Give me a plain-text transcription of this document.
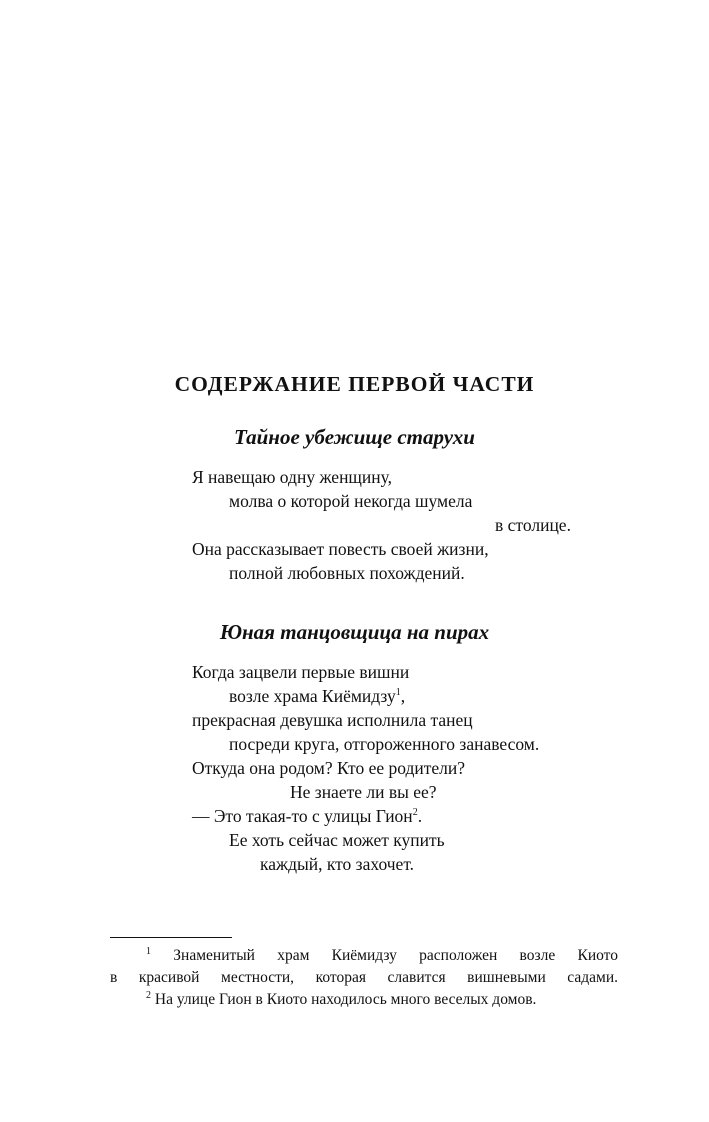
СОДЕРЖАНИЕ ПЕРВОЙ ЧАСТИ
Тайное убежище старухи
Я навещаю одну женщину,
молва о которой некогда шумела
в столице.
Она рассказывает повесть своей жизни,
полной любовных похождений.
Юная танцовщица на пирах
Когда зацвели первые вишни
возле храма Киёмидзу$^1$,
прекрасная девушка исполнила танец
посреди круга, отгороженного занавесом.
Откуда она родом? Кто ее родители?
Не знаете ли вы ее?
— Это такая-то с улицы Гион$^2$.
Ее хоть сейчас может купить
каждый, кто захочет.
$^1$ Знаменитый храм Киёмидзу расположен возле Киото
в красивой местности, которая славится вишневыми садами.
$^2$ На улице Гион в Киото находилось много веселых домов.
